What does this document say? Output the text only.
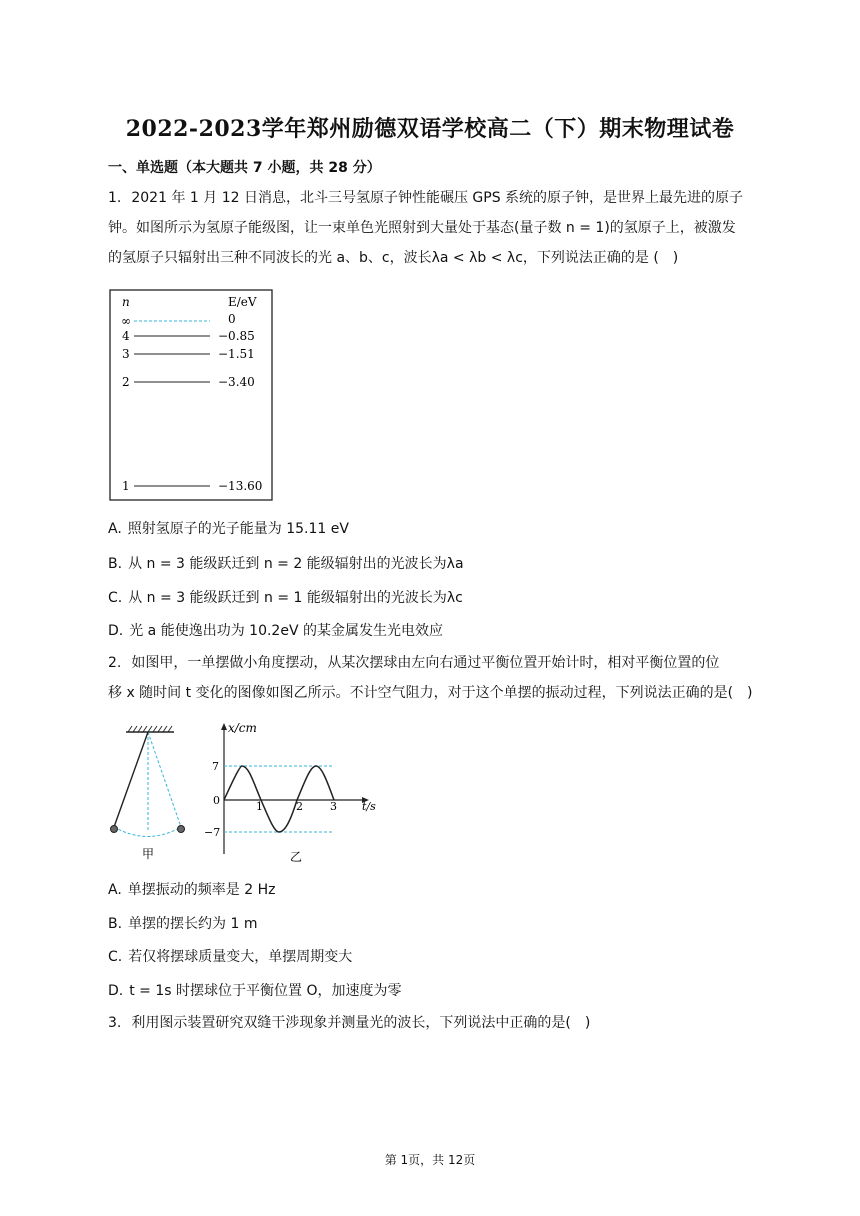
2022-2023学年郑州励德双语学校高二（下）期末物理试卷
一、单选题（本大题共 7 小题，共 28 分）
1. 2021 年 1 月 12 日消息，北斗三号氢原子钟性能碾压 GPS 系统的原子钟，是世界上最先进的原子
钟。如图所示为氢原子能级图，让一束单色光照射到大量处于基态(量子数 n = 1)的氢原子上，被激发
的氢原子只辐射出三种不同波长的光 a、b、c，波长λa < λb < λc，下列说法正确的是 (　)
n	E/eV
∞	0
4	−0.85
3	−1.51
2	−3.40
1	−13.60
A. 照射氢原子的光子能量为 15.11 eV
B. 从 n = 3 能级跃迁到 n = 2 能级辐射出的光波长为λa
C. 从 n = 3 能级跃迁到 n = 1 能级辐射出的光波长为λc
D. 光 a 能使逸出功为 10.2eV 的某金属发生光电效应
2. 如图甲，一单摆做小角度摆动，从某次摆球由左向右通过平衡位置开始计时，相对平衡位置的位
移 x 随时间 t 变化的图像如图乙所示。不计空气阻力，对于这个单摆的振动过程，下列说法正确的是(　)
甲
x/cm
t/s
0
7
−7
1	2 3
乙
A. 单摆振动的频率是 2 Hz
B. 单摆的摆长约为 1 m
C. 若仅将摆球质量变大，单摆周期变大
D. t = 1s 时摆球位于平衡位置 O，加速度为零
3. 利用图示装置研究双缝干涉现象并测量光的波长，下列说法中正确的是(　)
第 1页，共 12页
